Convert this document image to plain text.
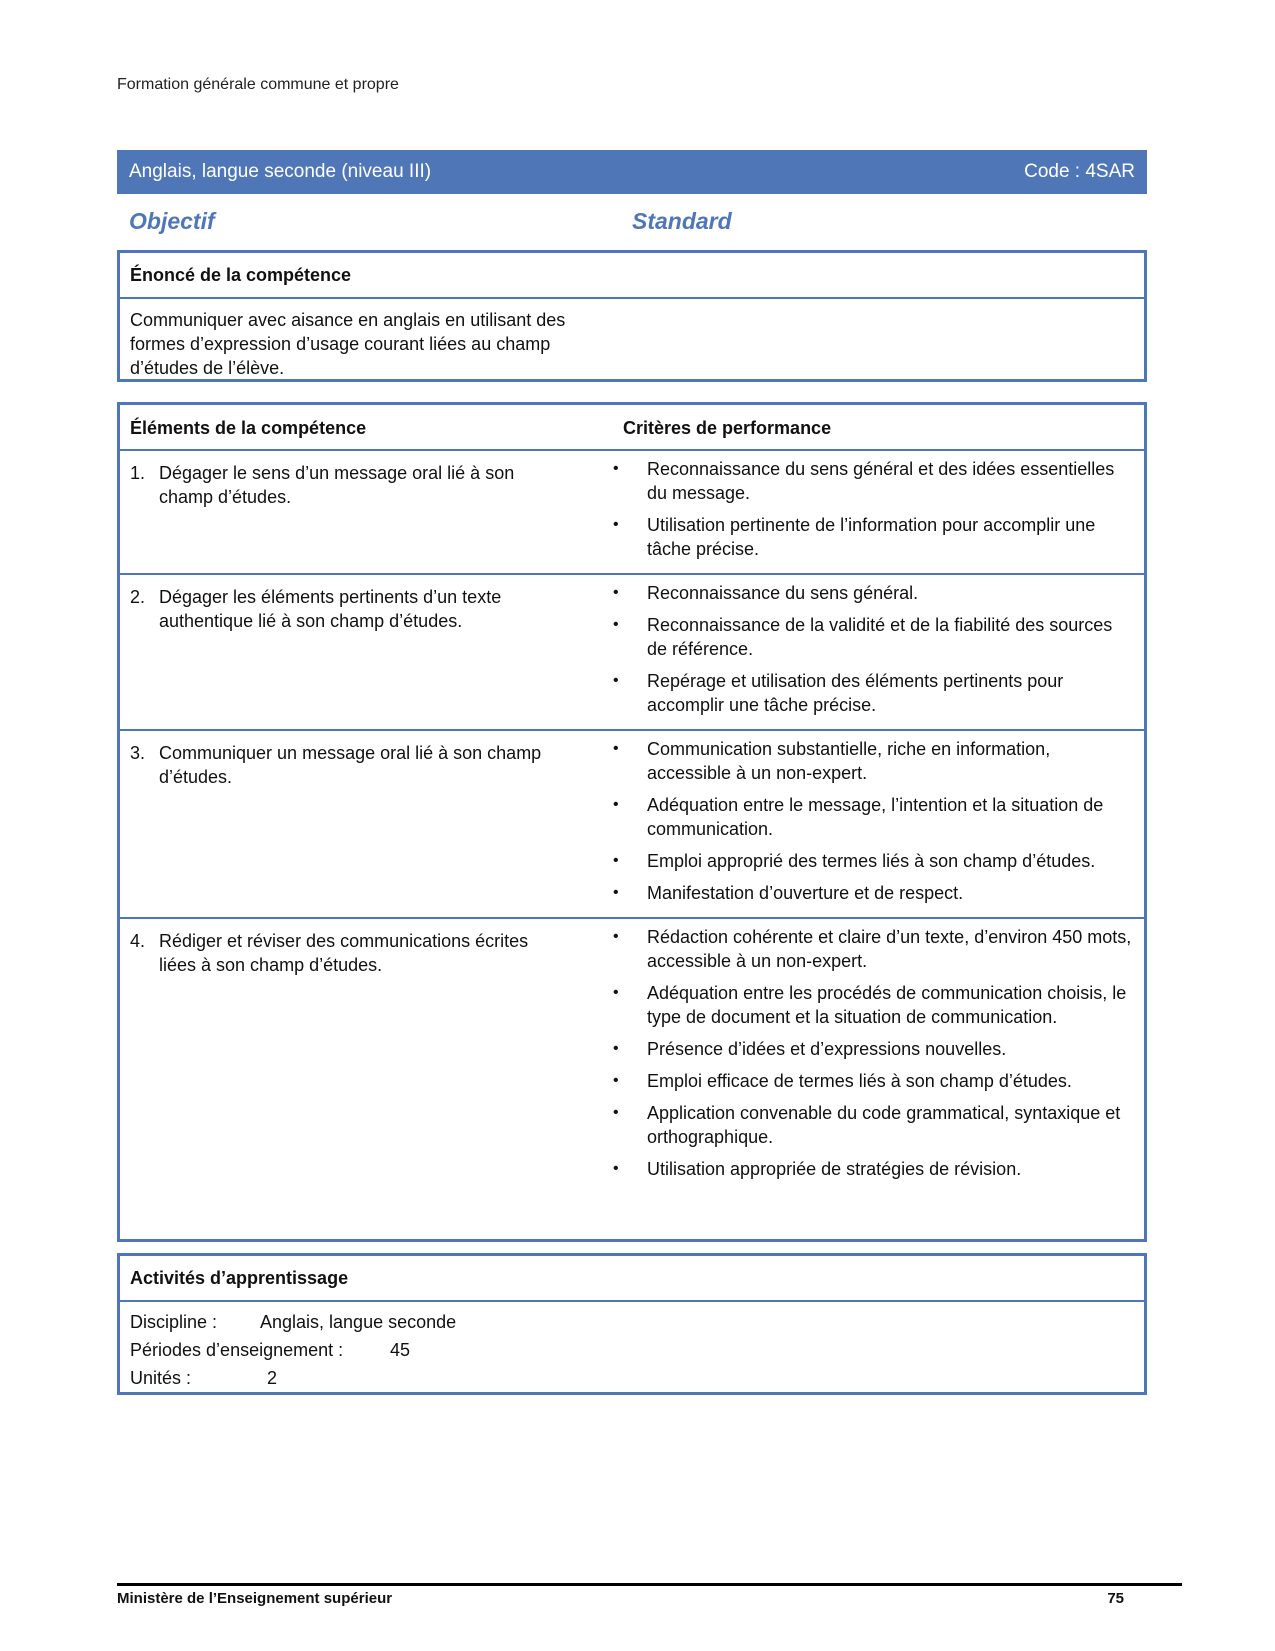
Formation générale commune et propre
Anglais, langue seconde (niveau III)	Code : 4SAR
Objectif	Standard
Énoncé de la compétence
Communiquer avec aisance en anglais en utilisant des formes d’expression d’usage courant liées au champ d’études de l’élève.
Éléments de la compétence	Critères de performance
1. Dégager le sens d’un message oral lié à son champ d’études.
•	Reconnaissance du sens général et des idées essentielles du message.
•	Utilisation pertinente de l’information pour accomplir une tâche précise.
2. Dégager les éléments pertinents d’un texte authentique lié à son champ d’études.
•	Reconnaissance du sens général.
•	Reconnaissance de la validité et de la fiabilité des sources de référence.
•	Repérage et utilisation des éléments pertinents pour accomplir une tâche précise.
3. Communiquer un message oral lié à son champ d’études.
•	Communication substantielle, riche en information, accessible à un non-expert.
•	Adéquation entre le message, l’intention et la situation de communication.
•	Emploi approprié des termes liés à son champ d’études.
•	Manifestation d’ouverture et de respect.
4. Rédiger et réviser des communications écrites liées à son champ d’études.
•	Rédaction cohérente et claire d’un texte, d’environ 450 mots, accessible à un non-expert.
•	Adéquation entre les procédés de communication choisis, le type de document et la situation de communication.
•	Présence d’idées et d’expressions nouvelles.
•	Emploi efficace de termes liés à son champ d’études.
•	Application convenable du code grammatical, syntaxique et orthographique.
•	Utilisation appropriée de stratégies de révision.
Activités d’apprentissage
Discipline :	Anglais, langue seconde
Périodes d’enseignement :	45
Unités :	2
Ministère de l’Enseignement supérieur	75
